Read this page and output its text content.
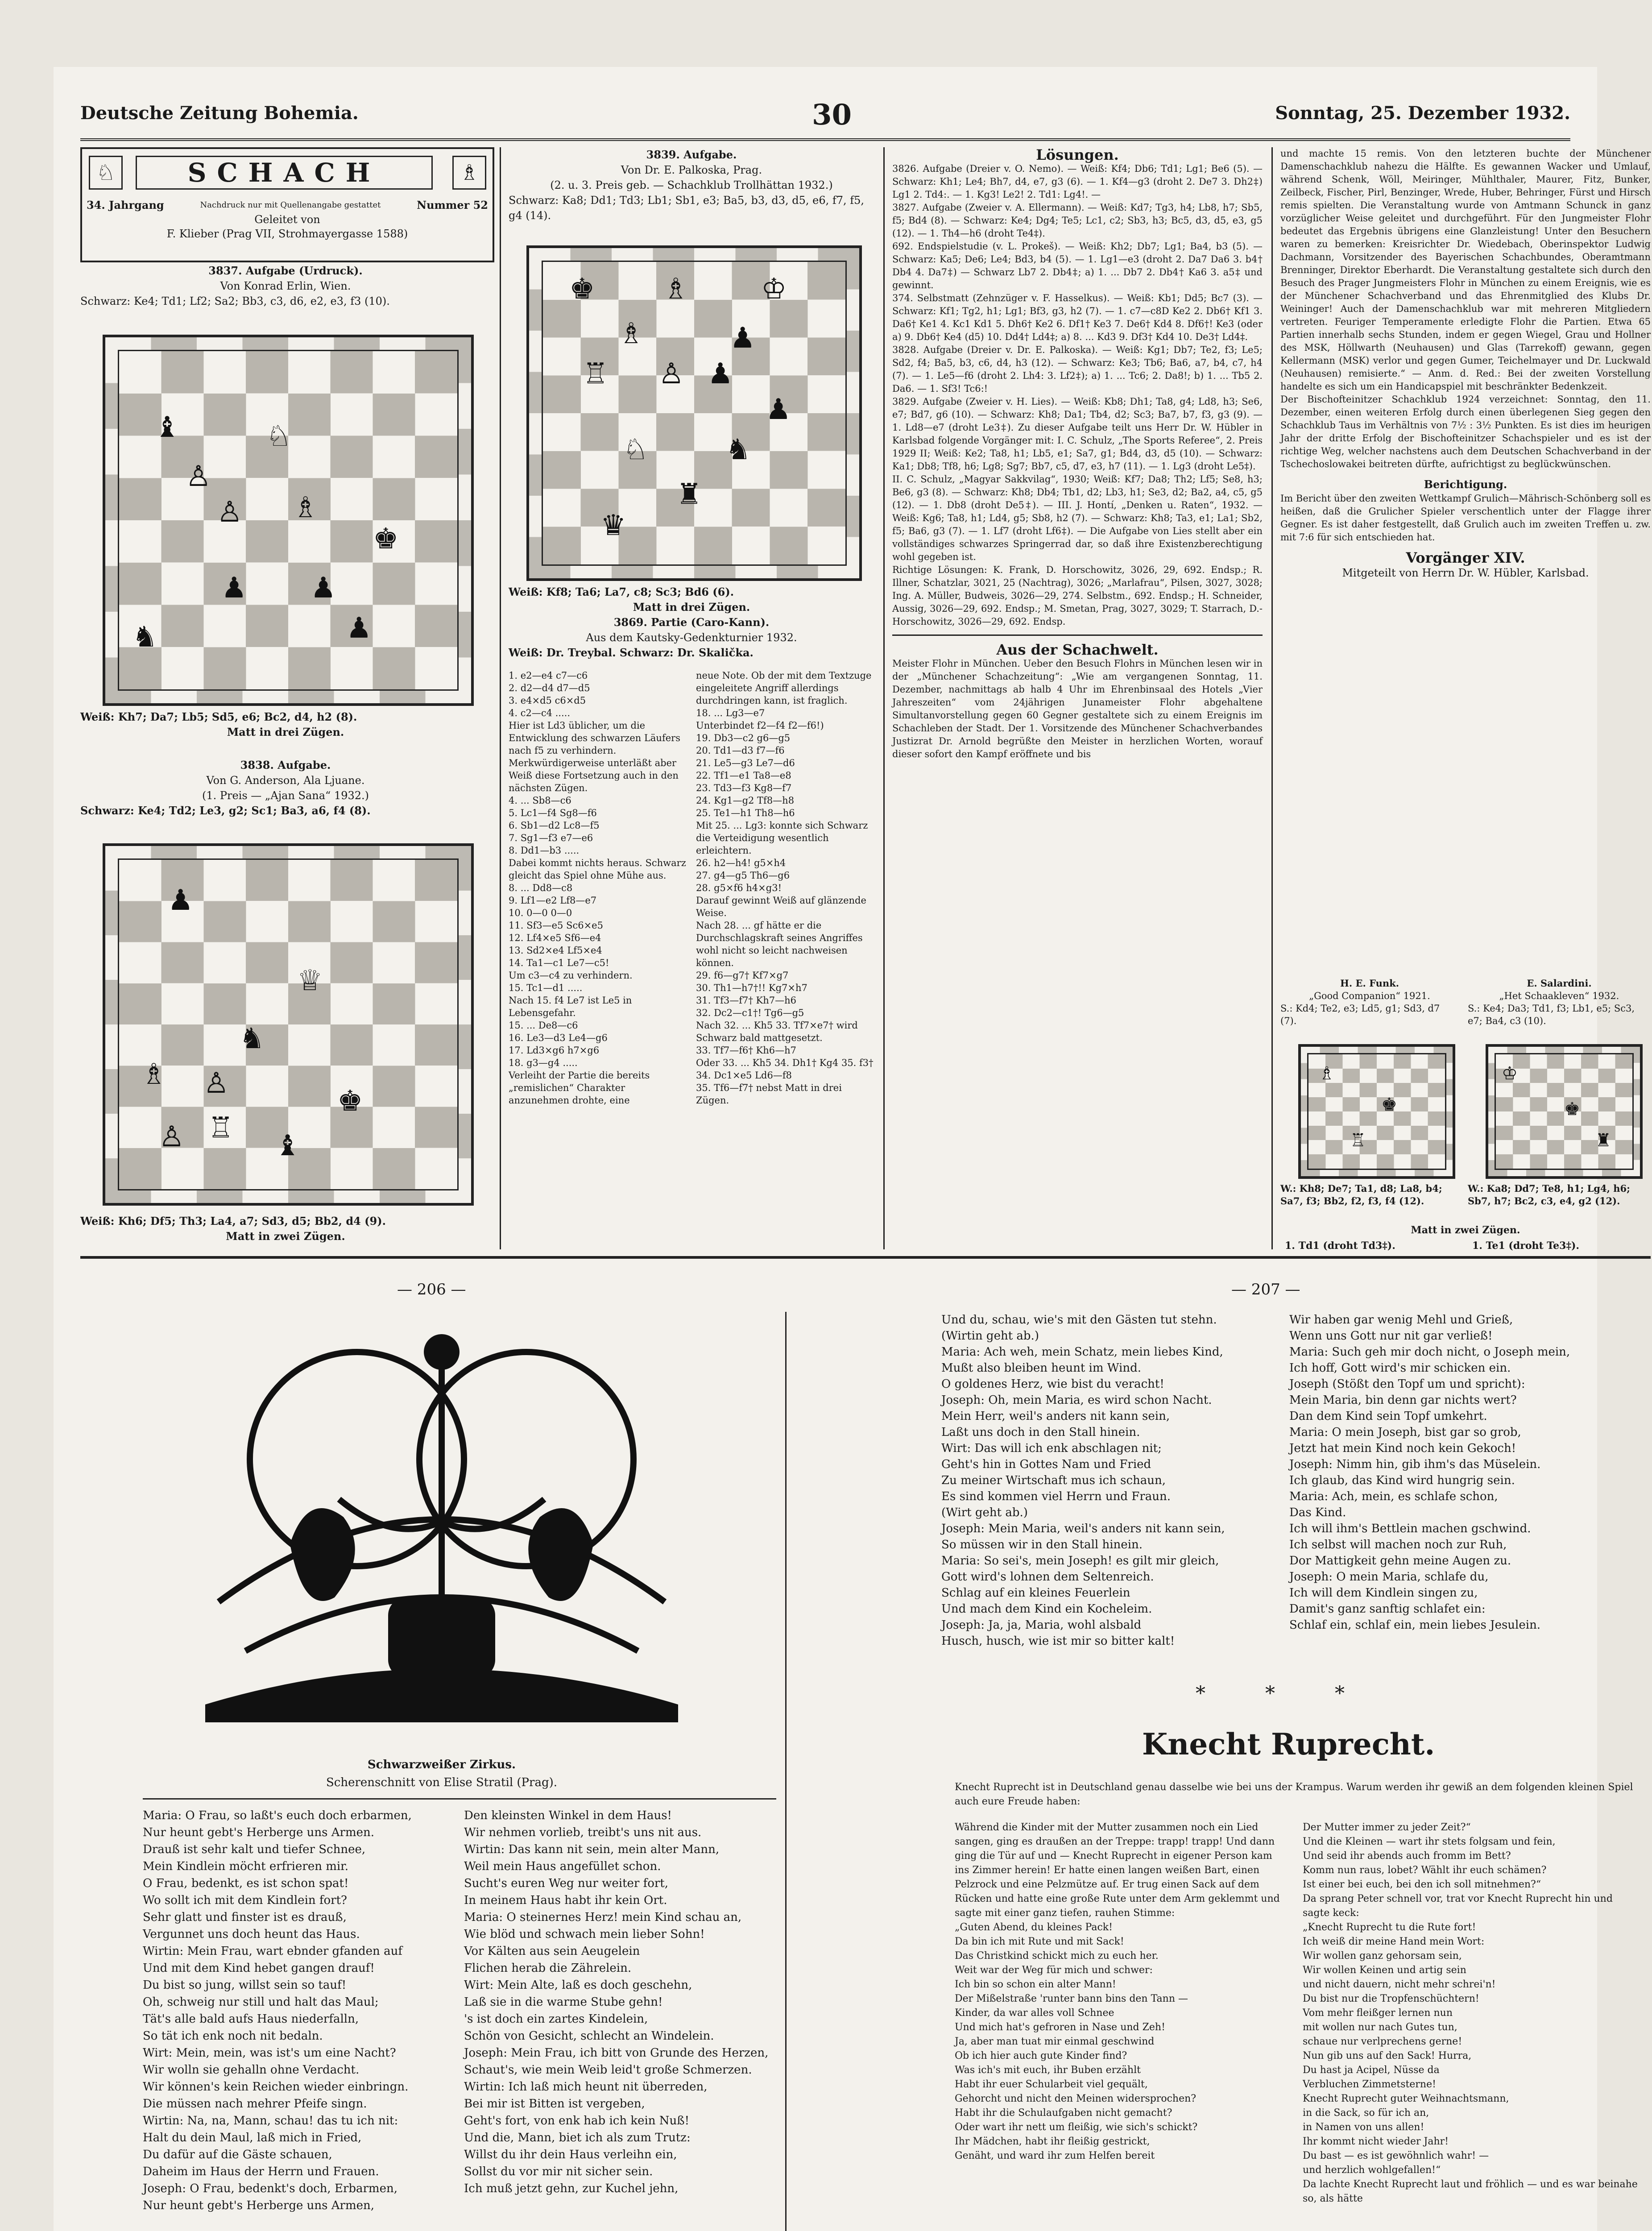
Deutsche Zeitung Bohemia.	30	Sonntag, 25. Dezember 1932.
♘	SCHACH	♗
34. Jahrgang	Nachdruck nur mit Quellenangabe gestattet	Nummer 52
Geleitet von
F. Klieber (Prag VII, Strohmayergasse 1588)
3837. Aufgabe (Urdruck).
Von Konrad Erlin, Wien.
Schwarz: Ke4; Td1; Lf2; Sa2; Bb3, c3, d6, e2, e3, f3 (10).
♝	♘
♙
♙ ♗
♚
♟ ♟
♞	♟
Weiß: Kh7; Da7; Lb5; Sd5, e6; Bc2, d4, h2 (8).
Matt in drei Zügen.
3838. Aufgabe.
Von G. Anderson, Ala Ljuane.
(1. Preis — „Ajan Sana“ 1932.)
Schwarz: Ke4; Td2; Le3, g2; Sc1; Ba3, a6, f4 (8).
♟
♕
♞
♗ ♙
♚
♖
♙	♝
Weiß: Kh6; Df5; Th3; La4, a7; Sd3, d5; Bb2, d4 (9).
Matt in zwei Zügen.
3839. Aufgabe.
Von Dr. E. Palkoska, Prag.
(2. u. 3. Preis geb. — Schachklub Trollhättan 1932.)
Schwarz: Ka8; Dd1; Td3; Lb1; Sb1, e3; Ba5, b3, d3, d5, e6, f7, f5, g4 (14).
♚ ♗	♔
♗	♟
♖ ♙ ♟
♟
♘	♞
♜
♛
Weiß: Kf8; Ta6; La7, c8; Sc3; Bd6 (6).
Matt in drei Zügen.
3869. Partie (Caro-Kann).
Aus dem Kautsky-Gedenkturnier 1932.
Weiß: Dr. Treybal. Schwarz: Dr. Skalička.
1. e2—e4 c7—c6
2. d2—d4 d7—d5
3. e4×d5 c6×d5
4. c2—c4 .....
Hier ist Ld3 üblicher, um die Entwicklung des schwarzen Läufers nach f5 zu verhindern.
Merkwürdigerweise unterläßt aber Weiß diese Fortsetzung auch in den nächsten Zügen.
4. ... Sb8—c6
5. Lc1—f4 Sg8—f6
6. Sb1—d2 Lc8—f5
7. Sg1—f3 e7—e6
8. Dd1—b3 .....
Dabei kommt nichts heraus. Schwarz gleicht das Spiel ohne Mühe aus.
8. ... Dd8—c8
9. Lf1—e2 Lf8—e7
10. 0—0 0—0
11. Sf3—e5 Sc6×e5
12. Lf4×e5 Sf6—e4
13. Sd2×e4 Lf5×e4
14. Ta1—c1 Le7—c5!
Um c3—c4 zu verhindern.
15. Tc1—d1 .....
Nach 15. f4 Le7 ist Le5 in Lebensgefahr.
15. ... De8—c6
16. Le3—d3 Le4—g6
17. Ld3×g6 h7×g6
18. g3—g4 .....
Verleiht der Partie die bereits „remislichen“ Charakter anzunehmen drohte, eine
neue Note. Ob der mit dem Textzuge eingeleitete Angriff allerdings durchdringen kann, ist fraglich.
18. ... Lg3—e7
Unterbindet f2—f4 f2—f6!)
19. Db3—c2 g6—g5
20. Td1—d3 f7—f6
21. Le5—g3 Le7—d6
22. Tf1—e1 Ta8—e8
23. Td3—f3 Kg8—f7
24. Kg1—g2 Tf8—h8
25. Te1—h1 Th8—h6
Mit 25. ... Lg3: konnte sich Schwarz die Verteidigung wesentlich erleichtern.
26. h2—h4! g5×h4
27. g4—g5 Th6—g6
28. g5×f6 h4×g3!
Darauf gewinnt Weiß auf glänzende Weise.
Nach 28. ... gf hätte er die Durchschlagskraft seines Angriffes wohl nicht so leicht nachweisen können.
29. f6—g7† Kf7×g7
30. Th1—h7†!! Kg7×h7
31. Tf3—f7† Kh7—h6
32. Dc2—c1†! Tg6—g5
Nach 32. ... Kh5 33. Tf7×e7† wird Schwarz bald mattgesetzt.
33. Tf7—f6† Kh6—h7
Oder 33. ... Kh5 34. Dh1† Kg4 35. f3†
34. Dc1×e5 Ld6—f8
35. Tf6—f7† nebst Matt in drei Zügen.
Lösungen.
3826. Aufgabe (Dreier v. O. Nemo). — Weiß: Kf4; Db6; Td1; Lg1; Be6 (5). — Schwarz: Kh1; Le4; Bh7, d4, e7, g3 (6). — 1. Kf4—g3 (droht 2. De7 3. Dh2‡) Lg1 2. Td4:. — 1. Kg3! Le2! 2. Td1: Lg4!. —
3827. Aufgabe (Zweier v. A. Ellermann). — Weiß: Kd7; Tg3, h4; Lb8, h7; Sb5, f5; Bd4 (8). — Schwarz: Ke4; Dg4; Te5; Lc1, c2; Sb3, h3; Bc5, d3, d5, e3, g5 (12). — 1. Th4—h6 (droht Te4‡).
692. Endspielstudie (v. L. Prokeš). — Weiß: Kh2; Db7; Lg1; Ba4, b3 (5). — Schwarz: Ka5; De6; Le4; Bd3, b4 (5). — 1. Lg1—e3 (droht 2. Da7 Da6 3. b4† Db4 4. Da7‡) — Schwarz Lb7 2. Db4‡; a) 1. ... Db7 2. Db4† Ka6 3. a5‡ und gewinnt.
374. Selbstmatt (Zehnzüger v. F. Hasselkus). — Weiß: Kb1; Dd5; Bc7 (3). — Schwarz: Kf1; Tg2, h1; Lg1; Bf3, g3, h2 (7). — 1. c7—c8D Ke2 2. Db6† Kf1 3. Da6† Ke1 4. Kc1 Kd1 5. Dh6† Ke2 6. Df1† Ke3 7. De6† Kd4 8. Df6†! Ke3 (oder a) 9. Db6† Ke4 (d5) 10. Dd4† Ld4‡; a) 8. ... Kd3 9. Df3† Kd4 10. De3† Ld4‡.
3828. Aufgabe (Dreier v. Dr. E. Palkoska). — Weiß: Kg1; Db7; Te2, f3; Le5; Sd2, f4; Ba5, b3, c6, d4, h3 (12). — Schwarz: Ke3; Tb6; Ba6, a7, b4, c7, h4 (7). — 1. Le5—f6 (droht 2. Lh4: 3. Lf2‡); a) 1. ... Tc6; 2. Da8!; b) 1. ... Tb5 2. Da6. — 1. Sf3! Tc6:!
3829. Aufgabe (Zweier v. H. Lies). — Weiß: Kb8; Dh1; Ta8, g4; Ld8, h3; Se6, e7; Bd7, g6 (10). — Schwarz: Kh8; Da1; Tb4, d2; Sc3; Ba7, b7, f3, g3 (9). — 1. Ld8—e7 (droht Le3‡). Zu dieser Aufgabe teilt uns Herr Dr. W. Hübler in Karlsbad folgende Vorgänger mit: I. C. Schulz, „The Sports Referee“, 2. Preis 1929 II; Weiß: Ke2; Ta8, h1; Lb5, e1; Sa7, g1; Bd4, d3, d5 (10). — Schwarz: Ka1; Db8; Tf8, h6; Lg8; Sg7; Bb7, c5, d7, e3, h7 (11). — 1. Lg3 (droht Le5‡).
II. C. Schulz, „Magyar Sakkvilag“, 1930; Weiß: Kf7; Da8; Th2; Lf5; Se8, h3; Be6, g3 (8). — Schwarz: Kh8; Db4; Tb1, d2; Lb3, h1; Se3, d2; Ba2, a4, c5, g5 (12). — 1. Db8 (droht De5‡). — III. J. Hontí, „Denken u. Raten“, 1932. — Weiß: Kg6; Ta8, h1; Ld4, g5; Sb8, h2 (7). — Schwarz: Kh8; Ta3, e1; La1; Sb2, f5; Ba6, g3 (7). — 1. Lf7 (droht Lf6‡). — Die Aufgabe von Lies stellt aber ein vollständiges schwarzes Springerrad dar, so daß ihre Existenzberechtigung wohl gegeben ist.
Richtige Lösungen: K. Frank, D. Horschowitz, 3026, 29, 692. Endsp.; R. Illner, Schatzlar, 3021, 25 (Nachtrag), 3026; „Marlafrau“, Pilsen, 3027, 3028; Ing. A. Müller, Budweis, 3026—29, 274. Selbstm., 692. Endsp.; H. Schneider, Aussig, 3026—29, 692. Endsp.; M. Smetan, Prag, 3027, 3029; T. Starrach, D.-Horschowitz, 3026—29, 692. Endsp.
Aus der Schachwelt.
Meister Flohr in München. Ueber den Besuch Flohrs in München lesen wir in der „Münchener Schachzeitung“: „Wie am vergangenen Sonntag, 11. Dezember, nachmittags ab halb 4 Uhr im Ehrenbinsaal des Hotels „Vier Jahreszeiten“ vom 24jährigen Junameister Flohr abgehaltene Simultanvorstellung gegen 60 Gegner gestaltete sich zu einem Ereignis im Schachleben der Stadt. Der 1. Vorsitzende des Münchener Schachverbandes Justizrat Dr. Arnold begrüßte den Meister in herzlichen Worten, worauf dieser sofort den Kampf eröffnete und bis
und machte 15 remis. Von den letzteren buchte der Münchener Damenschachklub nahezu die Hälfte. Es gewannen Wacker und Umlauf, während Schenk, Wöll, Meiringer, Mühlthaler, Maurer, Fitz, Bunker, Zeilbeck, Fischer, Pirl, Benzinger, Wrede, Huber, Behringer, Fürst und Hirsch remis spielten. Die Veranstaltung wurde von Amtmann Schunck in ganz vorzüglicher Weise geleitet und durchgeführt. Für den Jungmeister Flohr bedeutet das Ergebnis übrigens eine Glanzleistung! Unter den Besuchern waren zu bemerken: Kreisrichter Dr. Wiedebach, Oberinspektor Ludwig Dachmann, Vorsitzender des Bayerischen Schachbundes, Oberamtmann Brenninger, Direktor Eberhardt. Die Veranstaltung gestaltete sich durch den Besuch des Prager Jungmeisters Flohr in München zu einem Ereignis, wie es der Münchener Schachverband und das Ehrenmitglied des Klubs Dr. Weininger! Auch der Damenschachklub war mit mehreren Mitgliedern vertreten. Feuriger Temperamente erledigte Flohr die Partien. Etwa 65 Partien innerhalb sechs Stunden, indem er gegen Wiegel, Grau und Hollner des MSK, Höllwarth (Neuhausen) und Glas (Tarrekoff) gewann, gegen Kellermann (MSK) verlor und gegen Gumer, Teichelmayer und Dr. Luckwald (Neuhausen) remisierte.“ — Anm. d. Red.: Bei der zweiten Vorstellung handelte es sich um ein Handicapspiel mit beschränkter Bedenkzeit.
Der Bischofteinitzer Schachklub 1924 verzeichnet: Sonntag, den 11. Dezember, einen weiteren Erfolg durch einen überlegenen Sieg gegen den Schachklub Taus im Verhältnis von 7½ : 3½ Punkten. Es ist dies im heurigen Jahr der dritte Erfolg der Bischofteinitzer Schachspieler und es ist der richtige Weg, welcher nachstens auch dem Deutschen Schachverband in der Tschechoslowakei beitreten dürfte, aufrichtigst zu beglückwünschen.
Berichtigung.
Im Bericht über den zweiten Wettkampf Grulich—Mährisch-Schönberg soll es heißen, daß die Grulicher Spieler verschentlich unter der Flagge ihrer Gegner. Es ist daher festgestellt, daß Grulich auch im zweiten Treffen u. zw. mit 7:6 für sich entschieden hat.
Vorgänger XIV.
Mitgeteilt von Herrn Dr. W. Hübler, Karlsbad.
H. E. Funk.
„Good Companion“ 1921.
S.: Kd4; Te2, e3; Ld5, g1; Sd3, d7 (7).
E. Salardini.
„Het Schaakleven“ 1932.
S.: Ke4; Da3; Td1, f3; Lb1, e5; Sc3, e7; Ba4, c3 (10).
♗
♚
♖
♔
♚
♜
W.: Kh8; De7; Ta1, d8; La8, b4; Sa7, f3; Bb2, f2, f3, f4 (12).
W.: Ka8; Dd7; Te8, h1; Lg4, h6; Sb7, h7; Bc2, c3, e4, g2 (12).
Matt in zwei Zügen.
1. Td1 (droht Td3‡).	1. Te1 (droht Te3‡).
— 206 —	— 207 —
Schwarzweißer Zirkus.
Scherenschnitt von Elise Stratil (Prag).
Maria: O Frau, so laßt's euch doch erbarmen,
Nur heunt gebt's Herberge uns Armen.
Drauß ist sehr kalt und tiefer Schnee,
Mein Kindlein möcht erfrieren mir.
O Frau, bedenkt, es ist schon spat!
Wo sollt ich mit dem Kindlein fort?
Sehr glatt und finster ist es drauß,
Vergunnet uns doch heunt das Haus.
Wirtin: Mein Frau, wart ebnder gfanden auf
Und mit dem Kind hebet gangen drauf!
Du bist so jung, willst sein so tauf!
Oh, schweig nur still und halt das Maul;
Tät's alle bald aufs Haus niederfalln,
So tät ich enk noch nit bedaln.
Wirt: Mein, mein, was ist's um eine Nacht?
Wir wolln sie gehalln ohne Verdacht.
Wir können's kein Reichen wieder einbringn.
Die müssen nach mehrer Pfeife singn.
Wirtin: Na, na, Mann, schau! das tu ich nit:
Halt du dein Maul, laß mich in Fried,
Du dafür auf die Gäste schauen,
Daheim im Haus der Herrn und Frauen.
Joseph: O Frau, bedenkt's doch, Erbarmen,
Nur heunt gebt's Herberge uns Armen,
Den kleinsten Winkel in dem Haus!
Wir nehmen vorlieb, treibt's uns nit aus.
Wirtin: Das kann nit sein, mein alter Mann,
Weil mein Haus angefüllet schon.
Sucht's euren Weg nur weiter fort,
In meinem Haus habt ihr kein Ort.
Maria: O steinernes Herz! mein Kind schau an,
Wie blöd und schwach mein lieber Sohn!
Vor Kälten aus sein Aeugelein
Flichen herab die Zährelein.
Wirt: Mein Alte, laß es doch geschehn,
Laß sie in die warme Stube gehn!
's ist doch ein zartes Kindelein,
Schön von Gesicht, schlecht an Windelein.
Joseph: Mein Frau, ich bitt von Grunde des Herzen,
Schaut's, wie mein Weib leid't große Schmerzen.
Wirtin: Ich laß mich heunt nit überreden,
Bei mir ist Bitten ist vergeben,
Geht's fort, von enk hab ich kein Nuß!
Und die, Mann, biet ich als zum Trutz:
Willst du ihr dein Haus verleihn ein,
Sollst du vor mir nit sicher sein.
Ich muß jetzt gehn, zur Kuchel jehn,
Und du, schau, wie's mit den Gästen tut stehn.
(Wirtin geht ab.)
Maria: Ach weh, mein Schatz, mein liebes Kind,
Mußt also bleiben heunt im Wind.
O goldenes Herz, wie bist du veracht!
Joseph: Oh, mein Maria, es wird schon Nacht.
Mein Herr, weil's anders nit kann sein,
Laßt uns doch in den Stall hinein.
Wirt: Das will ich enk abschlagen nit;
Geht's hin in Gottes Nam und Fried
Zu meiner Wirtschaft mus ich schaun,
Es sind kommen viel Herrn und Fraun.
(Wirt geht ab.)
Joseph: Mein Maria, weil's anders nit kann sein,
So müssen wir in den Stall hinein.
Maria: So sei's, mein Joseph! es gilt mir gleich,
Gott wird's lohnen dem Seltenreich.
Schlag auf ein kleines Feuerlein
Und mach dem Kind ein Kocheleim.
Joseph: Ja, ja, Maria, wohl alsbald
Husch, husch, wie ist mir so bitter kalt!
Wir haben gar wenig Mehl und Grieß,
Wenn uns Gott nur nit gar verließ!
Maria: Such geh mir doch nicht, o Joseph mein,
Ich hoff, Gott wird's mir schicken ein.
Joseph (Stößt den Topf um und spricht):
Mein Maria, bin denn gar nichts wert?
Dan dem Kind sein Topf umkehrt.
Maria: O mein Joseph, bist gar so grob,
Jetzt hat mein Kind noch kein Gekoch!
Joseph: Nimm hin, gib ihm's das Müselein.
Ich glaub, das Kind wird hungrig sein.
Maria: Ach, mein, es schlafe schon,
Das Kind.
Ich will ihm's Bettlein machen gschwind.
Ich selbst will machen noch zur Ruh,
Dor Mattigkeit gehn meine Augen zu.
Joseph: O mein Maria, schlafe du,
Ich will dem Kindlein singen zu,
Damit's ganz sanftig schlafet ein:
Schlaf ein, schlaf ein, mein liebes Jesulein.
* * *
Knecht Ruprecht.
Knecht Ruprecht ist in Deutschland genau dasselbe wie bei uns der Krampus. Warum werden ihr gewiß an dem folgenden kleinen Spiel auch eure Freude haben:
Während die Kinder mit der Mutter zusammen noch ein Lied sangen, ging es draußen an der Treppe: trapp! trapp! Und dann ging die Tür auf und — Knecht Ruprecht in eigener Person kam ins Zimmer herein! Er hatte einen langen weißen Bart, einen Pelzrock und eine Pelzmütze auf. Er trug einen Sack auf dem Rücken und hatte eine große Rute unter dem Arm geklemmt und sagte mit einer ganz tiefen, rauhen Stimme:
„Guten Abend, du kleines Pack!
Da bin ich mit Rute und mit Sack!
Das Christkind schickt mich zu euch her.
Weit war der Weg für mich und schwer:
Ich bin so schon ein alter Mann!
Der Mißelstraße 'runter bann bins den Tann —
Kinder, da war alles voll Schnee
Und mich hat's gefroren in Nase und Zeh!
Ja, aber man tuat mir einmal geschwind
Ob ich hier auch gute Kinder find?
Was ich's mit euch, ihr Buben erzählt
Habt ihr euer Schularbeit viel gequält,
Gehorcht und nicht den Meinen widersprochen?
Habt ihr die Schulaufgaben nicht gemacht?
Oder wart ihr nett um fleißig, wie sich's schickt?
Ihr Mädchen, habt ihr fleißig gestrickt,
Genäht, und ward ihr zum Helfen bereit
Der Mutter immer zu jeder Zeit?“
Und die Kleinen — wart ihr stets folgsam und fein,
Und seid ihr abends auch fromm im Bett?
Komm nun raus, lobet? Wählt ihr euch schämen?
Ist einer bei euch, bei den ich soll mitnehmen?“
Da sprang Peter schnell vor, trat vor Knecht Ruprecht hin und sagte keck:
„Knecht Ruprecht tu die Rute fort!
Ich weiß dir meine Hand mein Wort:
Wir wollen ganz gehorsam sein,
Wir wollen Keinen und artig sein
und nicht dauern, nicht mehr schrei'n!
Du bist nur die Tropfenschüchtern!
Vom mehr fleißger lernen nun
mit wollen nur nach Gutes tun,
schaue nur verlprechens gerne!
Nun gib uns auf den Sack! Hurra,
Du hast ja Acipel, Nüsse da
Verbluchen Zimmetsterne!
Knecht Ruprecht guter Weihnachtsmann,
in die Sack, so für ich an,
in Namen von uns allen!
Ihr kommt nicht wieder Jahr!
Du bast — es ist gewöhnlich wahr! —
und herzlich wohlgefallen!“
Da lachte Knecht Ruprecht laut und fröhlich — und es war beinahe so, als hätte
